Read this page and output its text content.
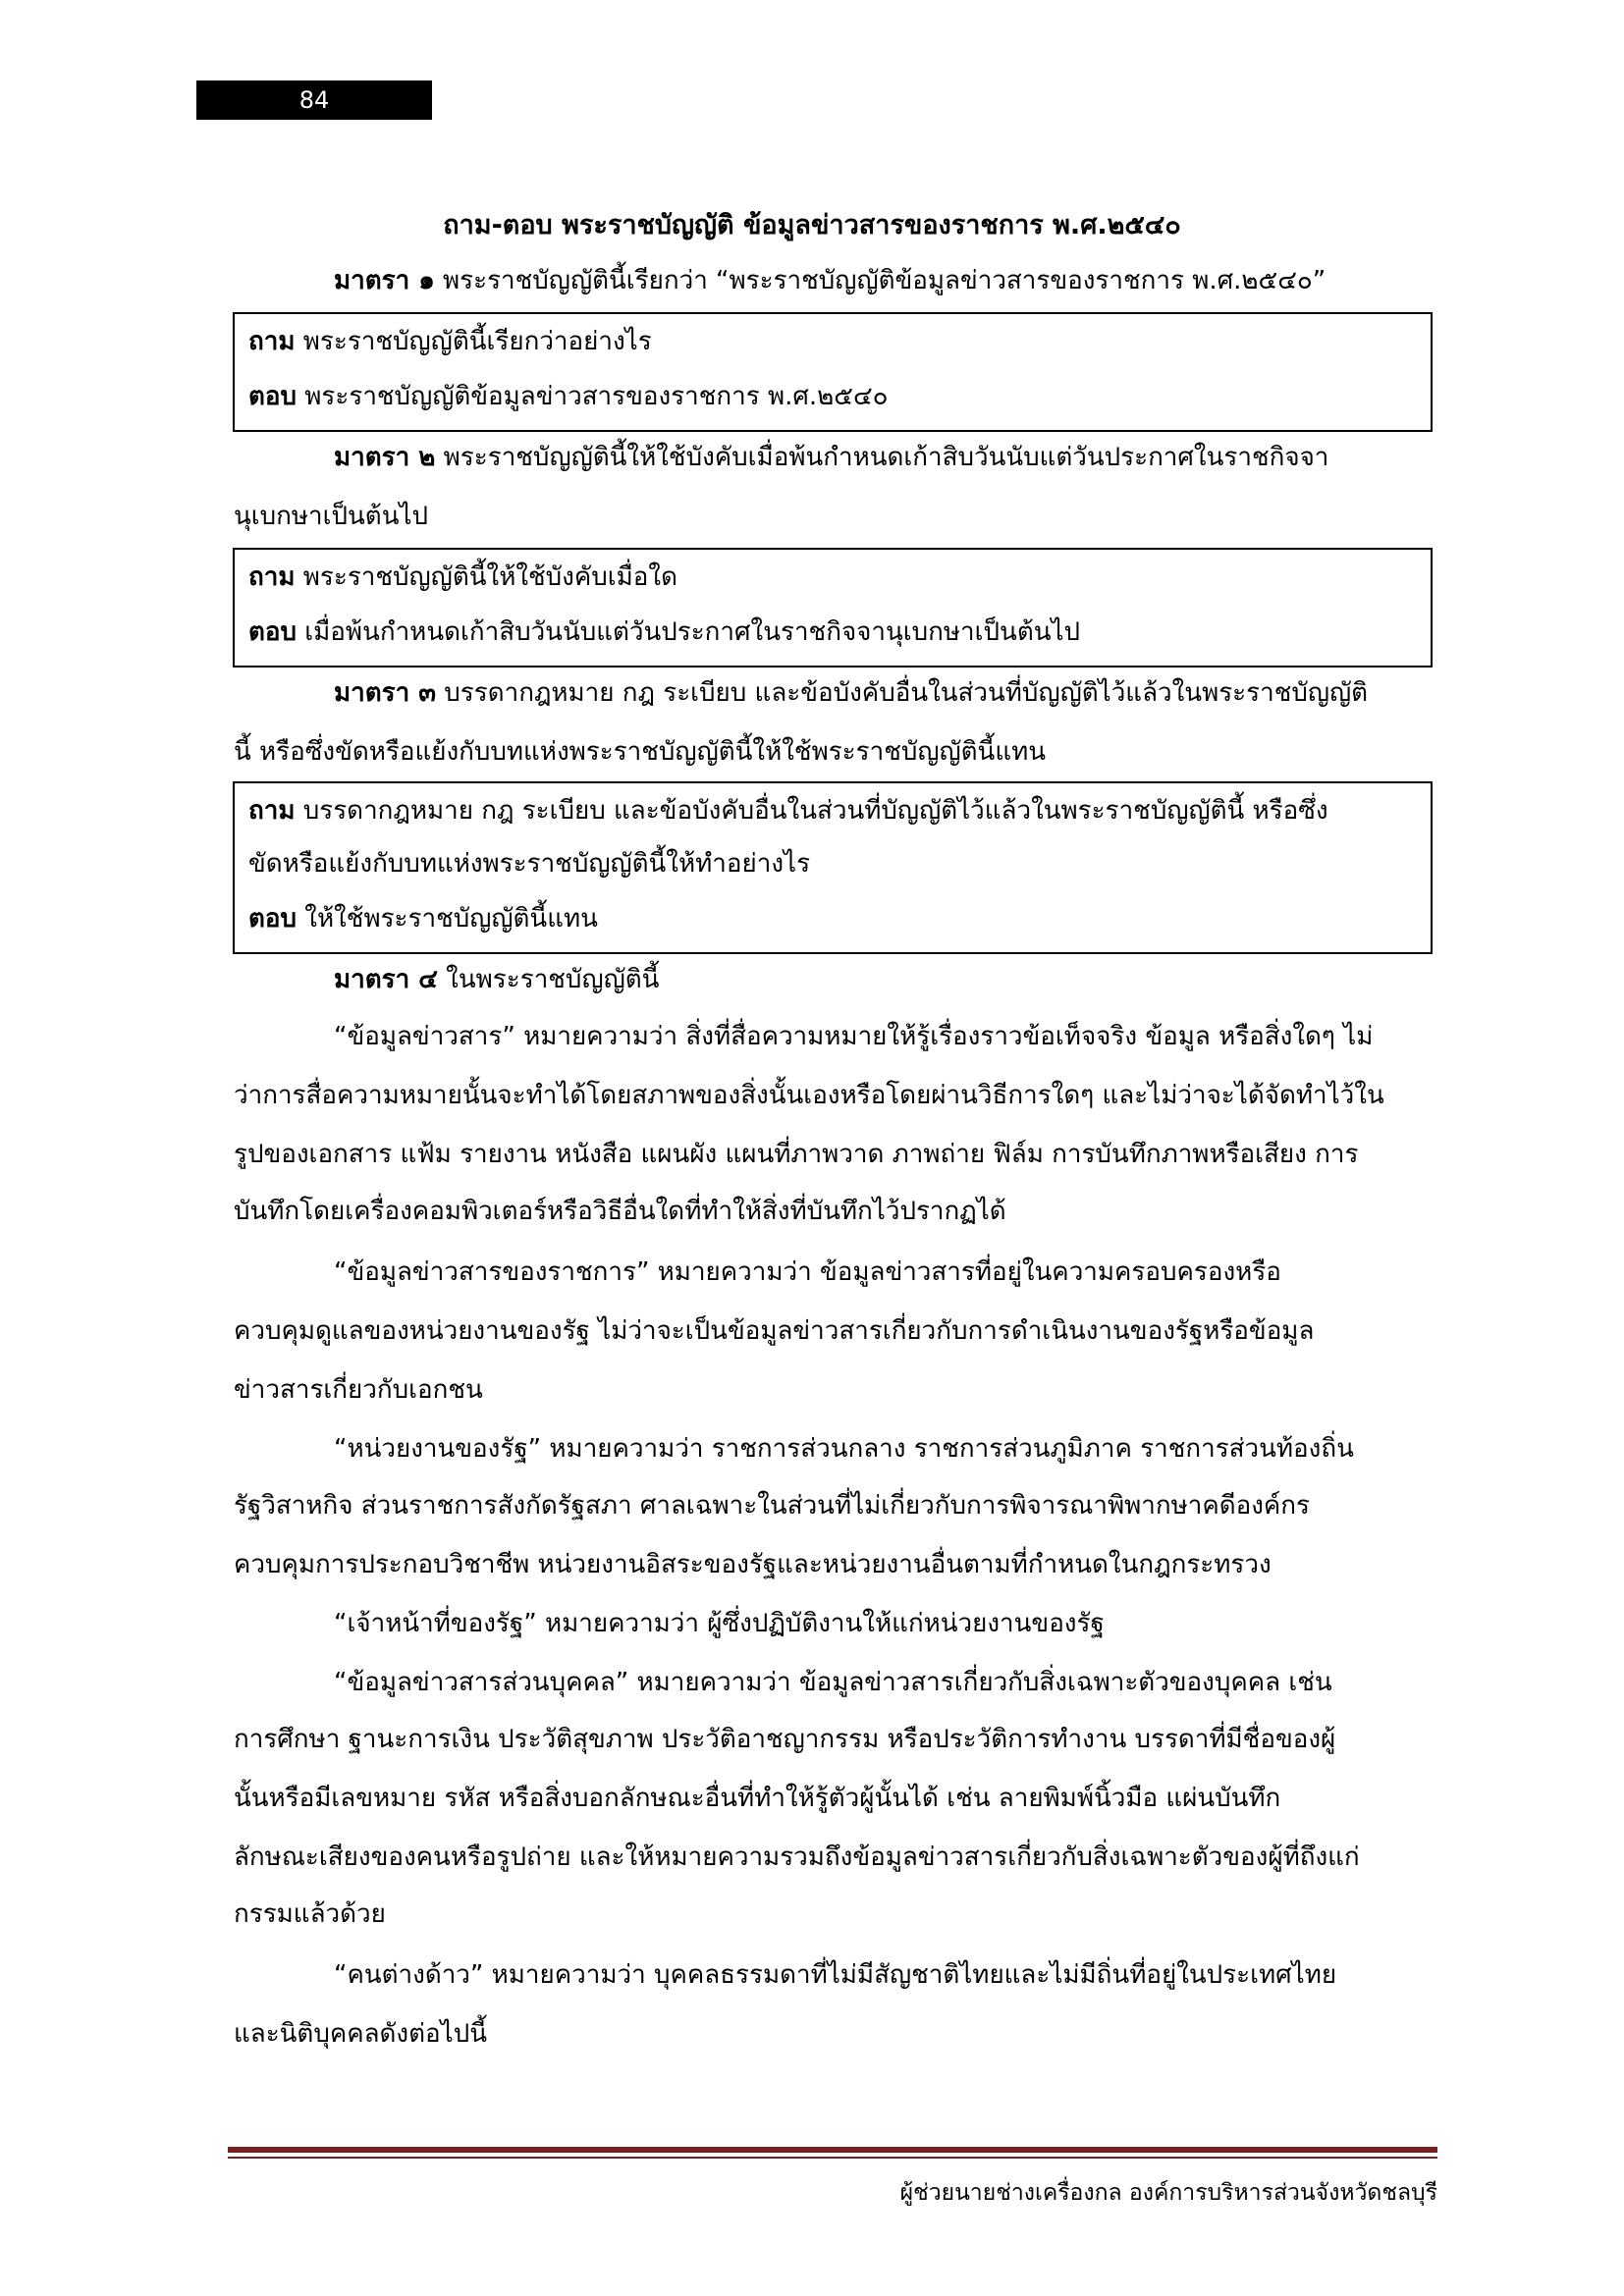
84
ถาม-ตอบ พระราชบัญญัติ ข้อมูลข่าวสารของราชการ พ.ศ.๒๕๔๐
มาตรา ๑ พระราชบัญญัตินี้เรียกว่า “พระราชบัญญัติข้อมูลข่าวสารของราชการ พ.ศ.๒๕๔๐”
ถาม พระราชบัญญัตินี้เรียกว่าอย่างไร
ตอบ พระราชบัญญัติข้อมูลข่าวสารของราชการ พ.ศ.๒๕๔๐
มาตรา ๒ พระราชบัญญัตินี้ให้ใช้บังคับเมื่อพ้นกำหนดเก้าสิบวันนับแต่วันประกาศในราชกิจจา
นุเบกษาเป็นต้นไป
ถาม พระราชบัญญัตินี้ให้ใช้บังคับเมื่อใด
ตอบ เมื่อพ้นกำหนดเก้าสิบวันนับแต่วันประกาศในราชกิจจานุเบกษาเป็นต้นไป
มาตรา ๓ บรรดากฎหมาย กฎ ระเบียบ และข้อบังคับอื่นในส่วนที่บัญญัติไว้แล้วในพระราชบัญญัติ
นี้ หรือซึ่งขัดหรือแย้งกับบทแห่งพระราชบัญญัตินี้ให้ใช้พระราชบัญญัตินี้แทน
ถาม บรรดากฎหมาย กฎ ระเบียบ และข้อบังคับอื่นในส่วนที่บัญญัติไว้แล้วในพระราชบัญญัตินี้ หรือซึ่ง
ขัดหรือแย้งกับบทแห่งพระราชบัญญัตินี้ให้ทำอย่างไร
ตอบ ให้ใช้พระราชบัญญัตินี้แทน
มาตรา ๔ ในพระราชบัญญัตินี้
“ข้อมูลข่าวสาร” หมายความว่า สิ่งที่สื่อความหมายให้รู้เรื่องราวข้อเท็จจริง ข้อมูล หรือสิ่งใดๆ ไม่
ว่าการสื่อความหมายนั้นจะทำได้โดยสภาพของสิ่งนั้นเองหรือโดยผ่านวิธีการใดๆ และไม่ว่าจะได้จัดทำไว้ใน
รูปของเอกสาร แฟ้ม รายงาน หนังสือ แผนผัง แผนที่ภาพวาด ภาพถ่าย ฟิล์ม การบันทึกภาพหรือเสียง การ
บันทึกโดยเครื่องคอมพิวเตอร์หรือวิธีอื่นใดที่ทำให้สิ่งที่บันทึกไว้ปรากฏได้
“ข้อมูลข่าวสารของราชการ” หมายความว่า ข้อมูลข่าวสารที่อยู่ในความครอบครองหรือ
ควบคุมดูแลของหน่วยงานของรัฐ ไม่ว่าจะเป็นข้อมูลข่าวสารเกี่ยวกับการดำเนินงานของรัฐหรือข้อมูล
ข่าวสารเกี่ยวกับเอกชน
“หน่วยงานของรัฐ” หมายความว่า ราชการส่วนกลาง ราชการส่วนภูมิภาค ราชการส่วนท้องถิ่น
รัฐวิสาหกิจ ส่วนราชการสังกัดรัฐสภา ศาลเฉพาะในส่วนที่ไม่เกี่ยวกับการพิจารณาพิพากษาคดีองค์กร
ควบคุมการประกอบวิชาชีพ หน่วยงานอิสระของรัฐและหน่วยงานอื่นตามที่กำหนดในกฎกระทรวง
“เจ้าหน้าที่ของรัฐ” หมายความว่า ผู้ซึ่งปฏิบัติงานให้แก่หน่วยงานของรัฐ
“ข้อมูลข่าวสารส่วนบุคคล” หมายความว่า ข้อมูลข่าวสารเกี่ยวกับสิ่งเฉพาะตัวของบุคคล เช่น
การศึกษา ฐานะการเงิน ประวัติสุขภาพ ประวัติอาชญากรรม หรือประวัติการทำงาน บรรดาที่มีชื่อของผู้
นั้นหรือมีเลขหมาย รหัส หรือสิ่งบอกลักษณะอื่นที่ทำให้รู้ตัวผู้นั้นได้ เช่น ลายพิมพ์นิ้วมือ แผ่นบันทึก
ลักษณะเสียงของคนหรือรูปถ่าย และให้หมายความรวมถึงข้อมูลข่าวสารเกี่ยวกับสิ่งเฉพาะตัวของผู้ที่ถึงแก่
กรรมแล้วด้วย
“คนต่างด้าว” หมายความว่า บุคคลธรรมดาที่ไม่มีสัญชาติไทยและไม่มีถิ่นที่อยู่ในประเทศไทย
และนิติบุคคลดังต่อไปนี้
ผู้ช่วยนายช่างเครื่องกล องค์การบริหารส่วนจังหวัดชลบุรี
